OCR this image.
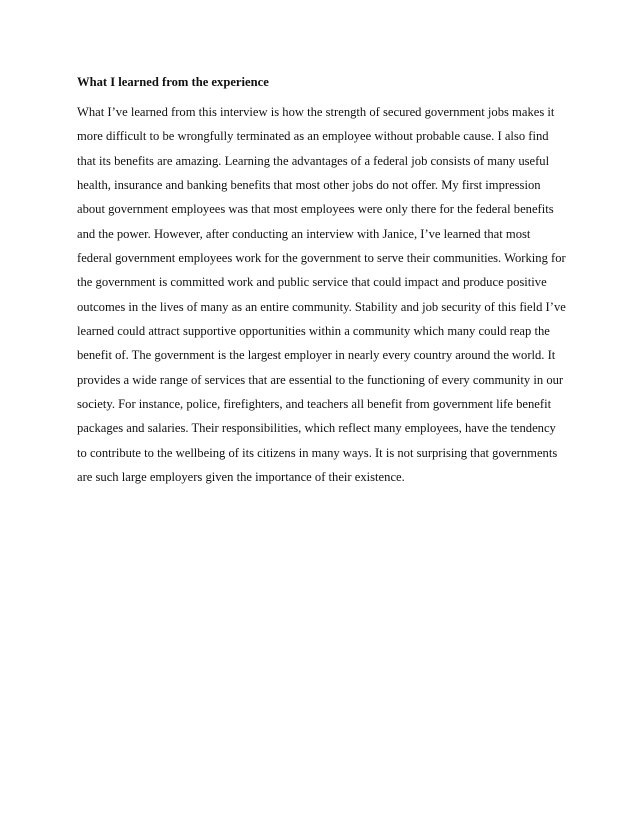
What I learned from the experience

What I’ve learned from this interview is how the strength of secured government jobs makes it
more difficult to be wrongfully terminated as an employee without probable cause. I also find
that its benefits are amazing. Learning the advantages of a federal job consists of many useful
health, insurance and banking benefits that most other jobs do not offer. My first impression
about government employees was that most employees were only there for the federal benefits
and the power. However, after conducting an interview with Janice, I’ve learned that most
federal government employees work for the government to serve their communities. Working for
the government is committed work and public service that could impact and produce positive
outcomes in the lives of many as an entire community. Stability and job security of this field I’ve
learned could attract supportive opportunities within a community which many could reap the
benefit of. The government is the largest employer in nearly every country around the world. It
provides a wide range of services that are essential to the functioning of every community in our
society. For instance, police, firefighters, and teachers all benefit from government life benefit
packages and salaries. Their responsibilities, which reflect many employees, have the tendency
to contribute to the wellbeing of its citizens in many ways. It is not surprising that governments
are such large employers given the importance of their existence.
